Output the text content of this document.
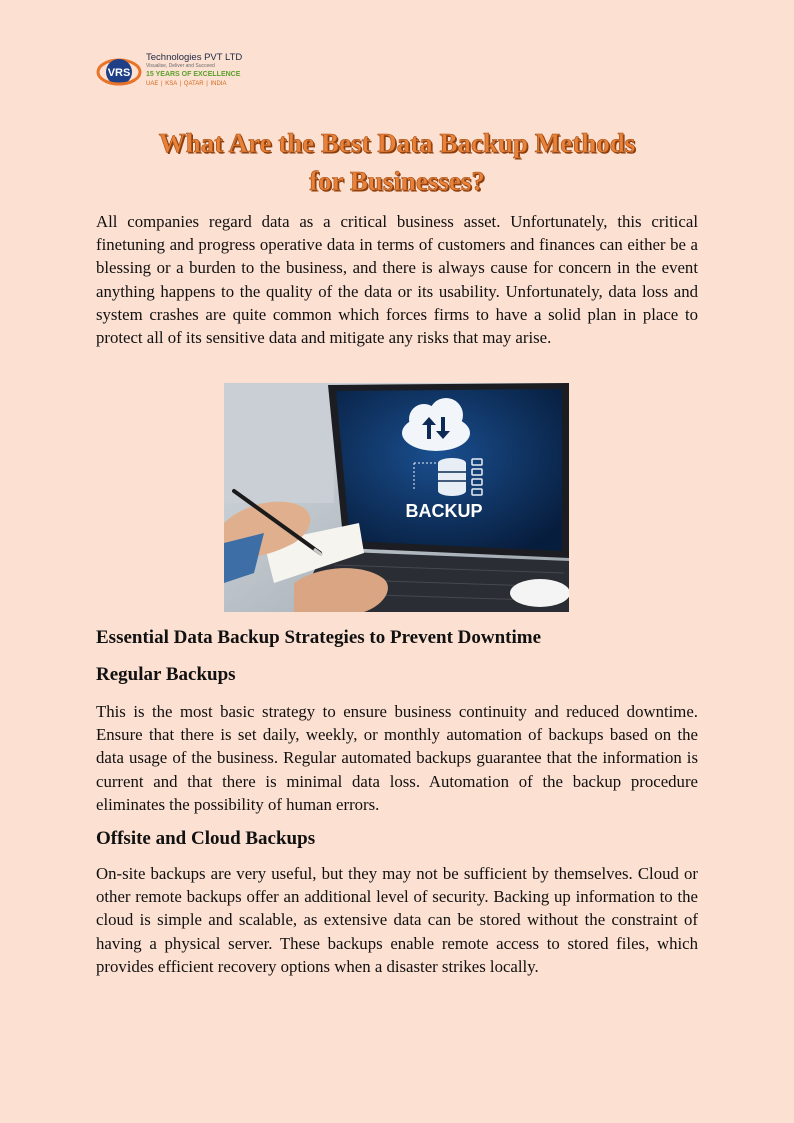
VRS
Technologies PVT LTD
Visualise, Deliver and Succeed
15 YEARS OF EXCELLENCE
UAE | KSA | QATAR | INDIA
What Are the Best Data Backup Methods
for Businesses?

All companies regard data as a critical business asset. Unfortunately, this critical finetuning and progress operative data in terms of customers and finances can either be a blessing or a burden to the business, and there is always cause for concern in the event anything happens to the quality of the data or its usability. Unfortunately, data loss and system crashes are quite common which forces firms to have a solid plan in place to protect all of its sensitive data and mitigate any risks that may arise.

BACKUP
Essential Data Backup Strategies to Prevent Downtime
Regular Backups

This is the most basic strategy to ensure business continuity and reduced downtime. Ensure that there is set daily, weekly, or monthly automation of backups based on the data usage of the business. Regular automated backups guarantee that the information is current and that there is minimal data loss. Automation of the backup procedure eliminates the possibility of human errors.

Offsite and Cloud Backups

On-site backups are very useful, but they may not be sufficient by themselves. Cloud or other remote backups offer an additional level of security. Backing up information to the cloud is simple and scalable, as extensive data can be stored without the constraint of having a physical server. These backups enable remote access to stored files, which provides efficient recovery options when a disaster strikes locally.
